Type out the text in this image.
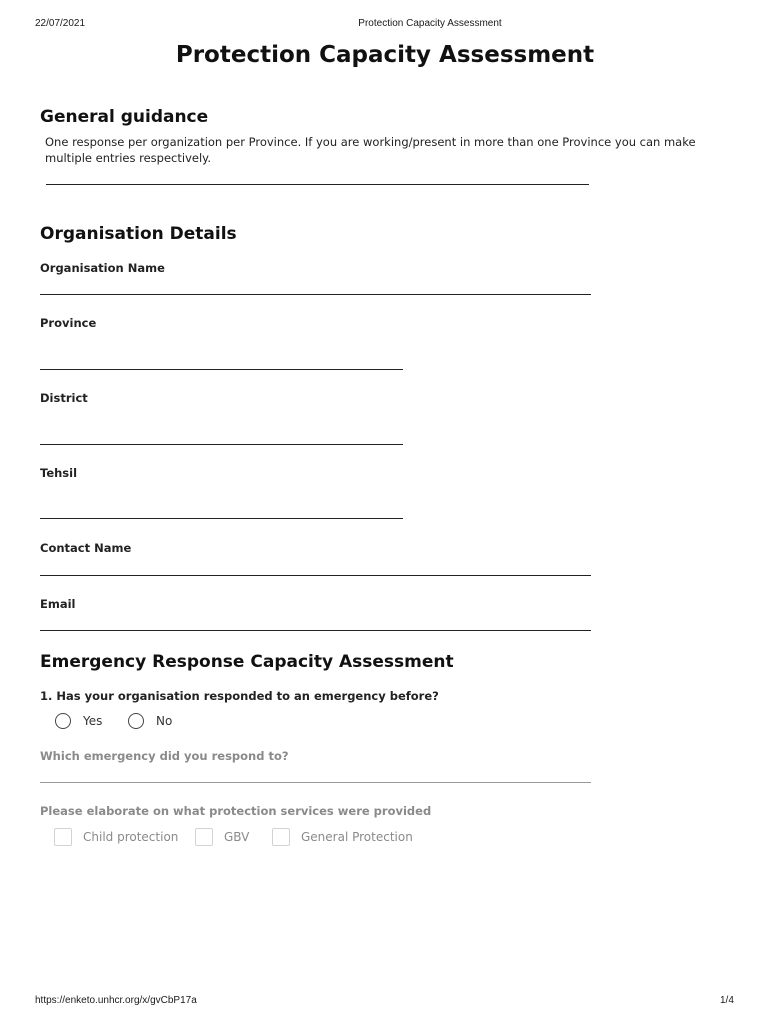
22/07/2021	Protection Capacity Assessment
Protection Capacity Assessment
General guidance
One response per organization per Province. If you are working/present in more than one Province you can make multiple entries respectively.
Organisation Details
Organisation Name
Province
District
Tehsil
Contact Name
Email
Emergency Response Capacity Assessment
1. Has your organisation responded to an emergency before?
Yes	No
Which emergency did you respond to?
Please elaborate on what protection services were provided
Child protection	GBV	General Protection
https://enketo.unhcr.org/x/gvCbP17a	1/4
